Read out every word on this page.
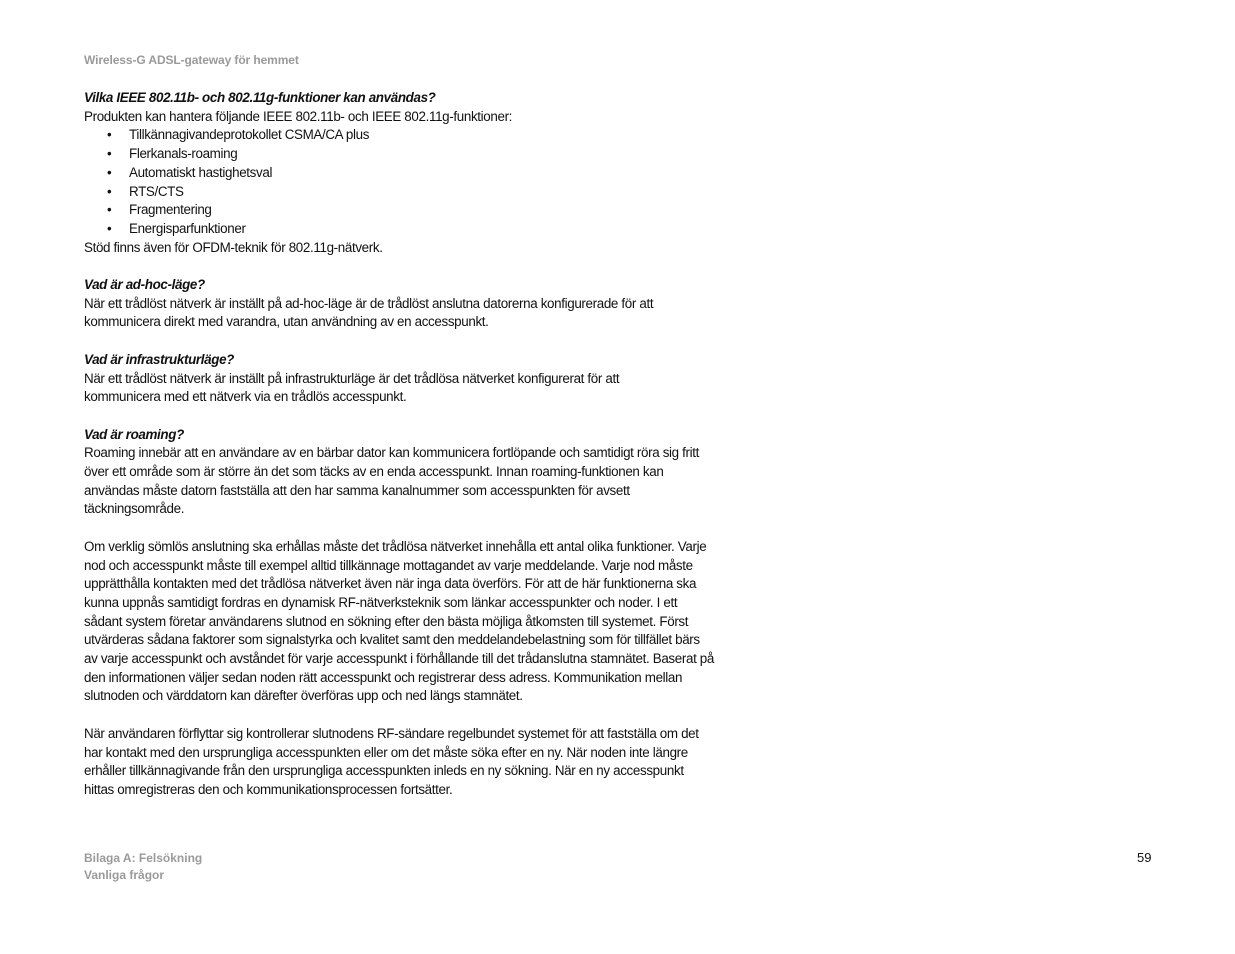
Wireless-G ADSL-gateway för hemmet

Vilka IEEE 802.11b- och 802.11g-funktioner kan användas?

Produkten kan hantera följande IEEE 802.11b- och IEEE 802.11g-funktioner:

• Tillkännagivandeprotokollet CSMA/CA plus
• Flerkanals-roaming
• Automatiskt hastighetsval
• RTS/CTS
• Fragmentering
• Energisparfunktioner

Stöd finns även för OFDM-teknik för 802.11g-nätverk.

Vad är ad-hoc-läge?

När ett trådlöst nätverk är inställt på ad-hoc-läge är de trådlöst anslutna datorerna konfigurerade för att

kommunicera direkt med varandra, utan användning av en accesspunkt.

Vad är infrastrukturläge?

När ett trådlöst nätverk är inställt på infrastrukturläge är det trådlösa nätverket konfigurerat för att

kommunicera med ett nätverk via en trådlös accesspunkt.

Vad är roaming?

Roaming innebär att en användare av en bärbar dator kan kommunicera fortlöpande och samtidigt röra sig fritt

över ett område som är större än det som täcks av en enda accesspunkt. Innan roaming-funktionen kan

användas måste datorn fastställa att den har samma kanalnummer som accesspunkten för avsett

täckningsområde.

Om verklig sömlös anslutning ska erhållas måste det trådlösa nätverket innehålla ett antal olika funktioner. Varje

nod och accesspunkt måste till exempel alltid tillkännage mottagandet av varje meddelande. Varje nod måste

upprätthålla kontakten med det trådlösa nätverket även när inga data överförs. För att de här funktionerna ska

kunna uppnås samtidigt fordras en dynamisk RF-nätverksteknik som länkar accesspunkter och noder. I ett

sådant system företar användarens slutnod en sökning efter den bästa möjliga åtkomsten till systemet. Först

utvärderas sådana faktorer som signalstyrka och kvalitet samt den meddelandebelastning som för tillfället bärs

av varje accesspunkt och avståndet för varje accesspunkt i förhållande till det trådanslutna stamnätet. Baserat på

den informationen väljer sedan noden rätt accesspunkt och registrerar dess adress. Kommunikation mellan

slutnoden och värddatorn kan därefter överföras upp och ned längs stamnätet.

När användaren förflyttar sig kontrollerar slutnodens RF-sändare regelbundet systemet för att fastställa om det

har kontakt med den ursprungliga accesspunkten eller om det måste söka efter en ny. När noden inte längre

erhåller tillkännagivande från den ursprungliga accesspunkten inleds en ny sökning. När en ny accesspunkt

hittas omregistreras den och kommunikationsprocessen fortsätter.

Bilaga A: Felsökning
Vanliga frågor
59
